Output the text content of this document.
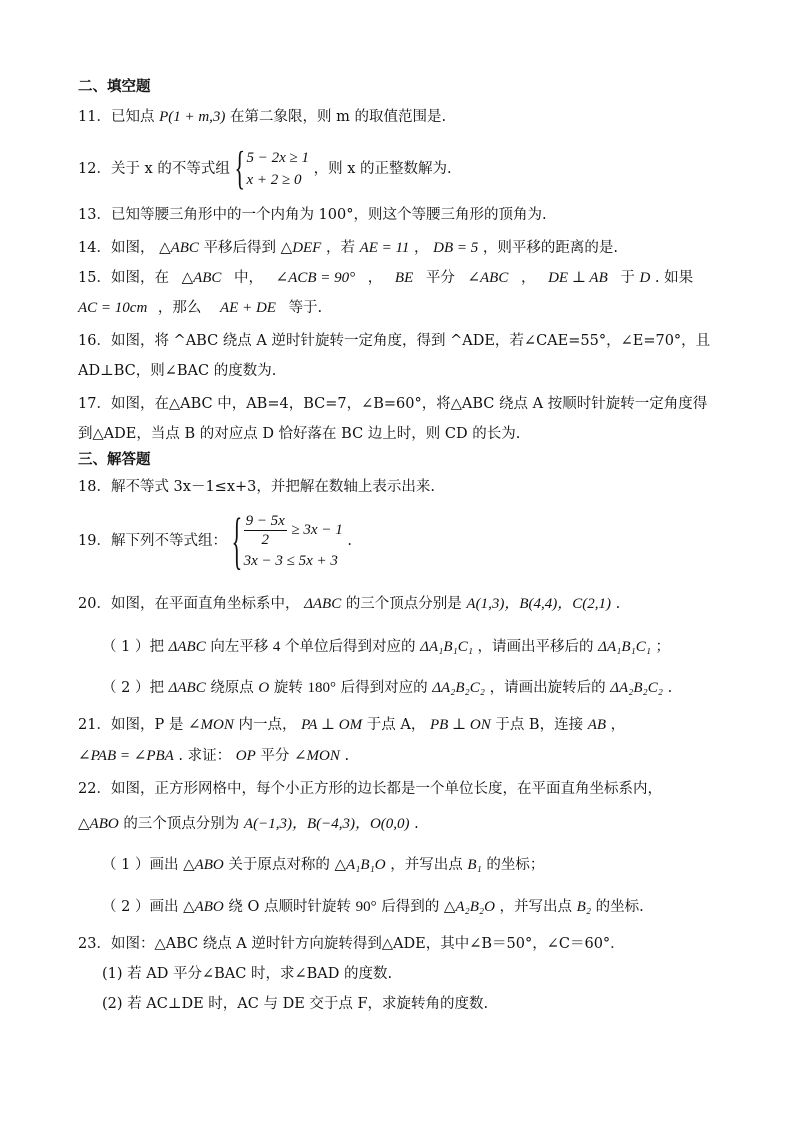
二、填空题
11．已知点 P(1 + m,3) 在第二象限，则 m 的取值范围是.
12．关于 x 的不等式组 { 5 − 2x ≥ 1
x + 2 ≥ 0
，则 x 的正整数解为.
13．已知等腰三角形中的一个内角为 100°，则这个等腰三角形的顶角为.
14．如图， △ABC 平移后得到 △DEF ，若 AE = 11 ， DB = 5 ，则平移的距离的是.
15．如图，在 △ABC 中， ∠ACB = 90° ， BE 平分 ∠ABC ， DE ⊥ AB 于 D . 如果
AC = 10cm ，那么 AE + DE 等于.
16．如图，将 ^ABC 绕点 A 逆时针旋转一定角度，得到 ^ADE，若∠CAE=55°，∠E=70°，且
AD⊥BC，则∠BAC 的度数为.
17．如图，在△ABC 中，AB=4，BC=7，∠B=60°，将△ABC 绕点 A 按顺时针旋转一定角度得
到△ADE，当点 B 的对应点 D 恰好落在 BC 边上时，则 CD 的长为.
三、解答题
18．解不等式 3x－1≤x+3，并把解在数轴上表示出来.
19．解下列不等式组： { $\frac{9 - 5x}{2} \ge 3x - 1$
3x − 3 ≤ 5x + 3
.
20．如图，在平面直角坐标系中， ΔABC 的三个顶点分别是 A(1,3)，B(4,4)，C(2,1) .
（ 1 ）把 ΔABC 向左平移 4 个单位后得到对应的 ΔA₁B₁C₁ ，请画出平移后的 ΔA₁B₁C₁ ；
（ 2 ）把 ΔABC 绕原点 O 旋转 180° 后得到对应的 ΔA₂B₂C₂ ，请画出旋转后的 ΔA₂B₂C₂ .
21．如图，P 是 ∠MON 内一点， PA ⊥ OM 于点 A， PB ⊥ ON 于点 B，连接 AB ，
∠PAB = ∠PBA . 求证： OP 平分 ∠MON .
22．如图，正方形网格中，每个小正方形的边长都是一个单位长度，在平面直角坐标系内，
△ABO 的三个顶点分别为 A(−1,3)，B(−4,3)，O(0,0) .
（ 1 ）画出 △ABO 关于原点对称的 △A₁B₁O ，并写出点 B₁ 的坐标；
（ 2 ）画出 △ABO 绕 O 点顺时针旋转 90° 后得到的 △A₂B₂O ，并写出点 B₂ 的坐标.
23．如图：△ABC 绕点 A 逆时针方向旋转得到△ADE，其中∠B＝50°，∠C＝60°．
(1) 若 AD 平分∠BAC 时，求∠BAD 的度数.
(2) 若 AC⊥DE 时，AC 与 DE 交于点 F，求旋转角的度数.
